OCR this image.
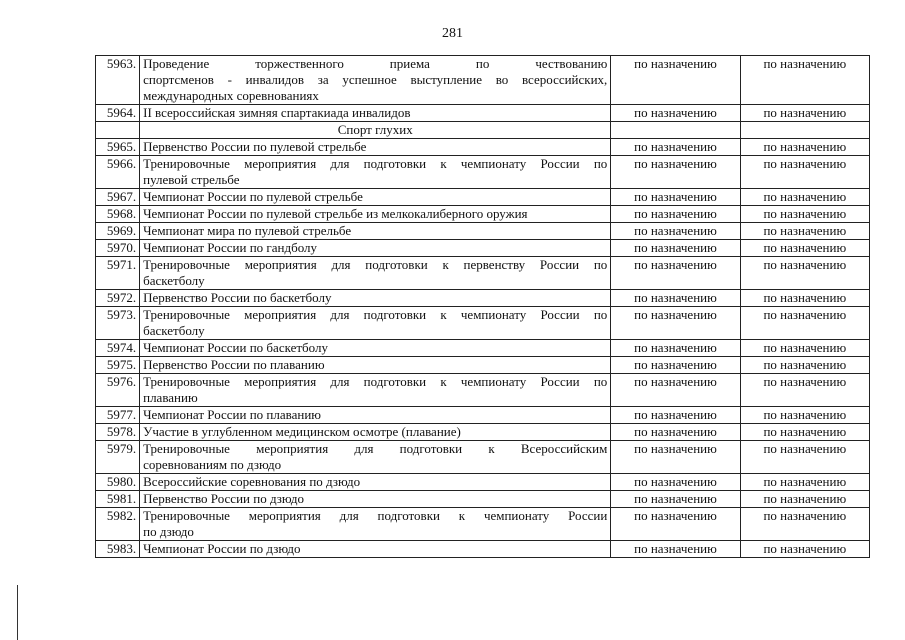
281
5963.	Проведение торжественного приема по чествованию
спортсменов - инвалидов за успешное выступление во всероссийских,
международных соревнованиях	по назначению	по назначению
5964.	II всероссийская зимняя спартакиада инвалидов	по назначению	по назначению

	Спорт глухих		

5965.	Первенство России по пулевой стрельбе	по назначению	по назначению
5966.	Тренировочные мероприятия для подготовки к чемпионату России по
пулевой стрельбе	по назначению	по назначению
5967.	Чемпионат России по пулевой стрельбе	по назначению	по назначению
5968.	Чемпионат России по пулевой стрельбе из мелкокалиберного оружия	по назначению	по назначению
5969.	Чемпионат мира по пулевой стрельбе	по назначению	по назначению
5970.	Чемпионат России по гандболу	по назначению	по назначению
5971.	Тренировочные мероприятия для подготовки к первенству России по
баскетболу	по назначению	по назначению
5972.	Первенство России по баскетболу	по назначению	по назначению
5973.	Тренировочные мероприятия для подготовки к чемпионату России по
баскетболу	по назначению	по назначению
5974.	Чемпионат России по баскетболу	по назначению	по назначению
5975.	Первенство России по плаванию	по назначению	по назначению
5976.	Тренировочные мероприятия для подготовки к чемпионату России по
плаванию	по назначению	по назначению
5977.	Чемпионат России по плаванию	по назначению	по назначению
5978.	Участие в углубленном медицинском осмотре (плавание)	по назначению	по назначению
5979.	Тренировочные мероприятия для подготовки к Всероссийским
соревнованиям по дзюдо	по назначению	по назначению
5980.	Всероссийские соревнования по дзюдо	по назначению	по назначению
5981.	Первенство России по дзюдо	по назначению	по назначению
5982.	Тренировочные мероприятия для подготовки к чемпионату России
по дзюдо	по назначению	по назначению
5983.	Чемпионат России по дзюдо	по назначению	по назначению
